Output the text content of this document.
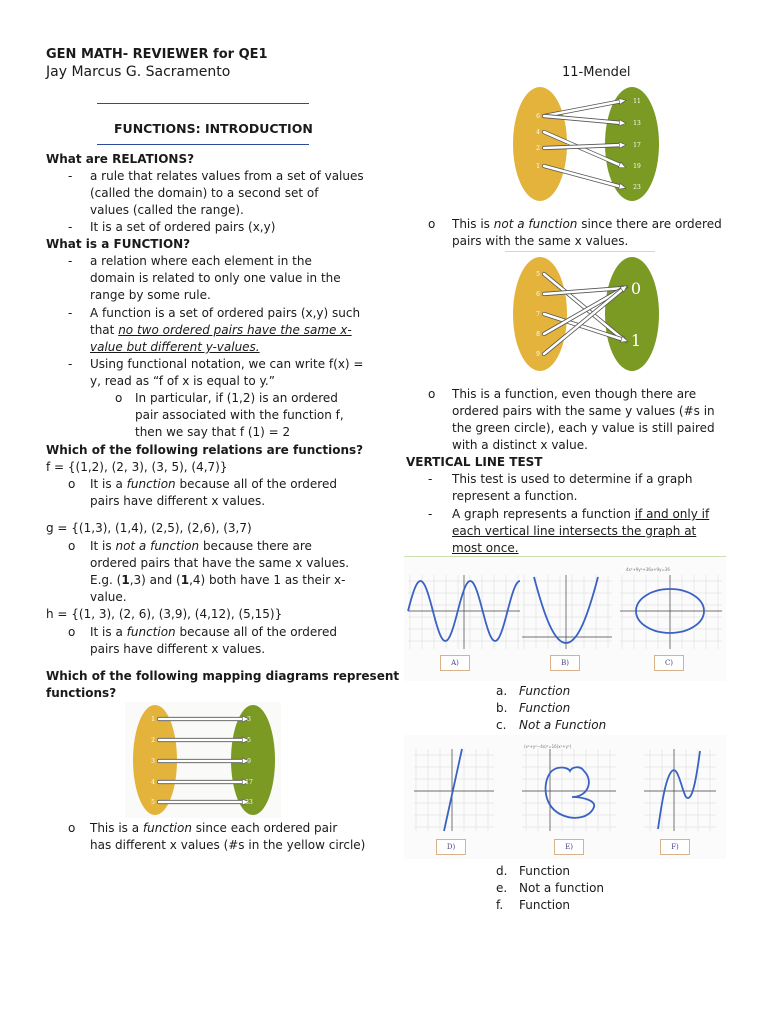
GEN MATH- REVIEWER for QE1
Jay Marcus G. Sacramento	11-Mendel
FUNCTIONS: INTRODUCTION
What are RELATIONS?
- a rule that relates values from a set of values
(called the domain) to a second set of
values (called the range).
- It is a set of ordered pairs (x,y)
What is a FUNCTION?
- a relation where each element in the
domain is related to only one value in the
range by some rule.
- A function is a set of ordered pairs (x,y) such
that no two ordered pairs have the same x-
value but different y-values.
- Using functional notation, we can write f(x) =
y, read as “f of x is equal to y.”
o In particular, if (1,2) is an ordered
pair associated with the function f,
then we say that f (1) = 2
Which of the following relations are functions?
f = {(1,2), (2, 3), (3, 5), (4,7)}
o It is a function because all of the ordered
pairs have different x values.
g = {(1,3), (1,4), (2,5), (2,6), (3,7)
o It is not a function because there are
ordered pairs that have the same x values.
E.g. (1,3) and (1,4) both have 1 as their x-
value.
h = {(1, 3), (2, 6), (3,9), (4,12), (5,15)}
o It is a function because all of the ordered
pairs have different x values.
Which of the following mapping diagrams represent
functions?
1
2
3
4
5
3
5
9
17
33
o This is a function since each ordered pair
has different x values (#s in the yellow circle)
6
4
2
1
11
13
17
19
23
o This is not a function since there are ordered
pairs with the same x values.
5
6
7
8
9
0
1
o This is a function, even though there are
ordered pairs with the same y values (#s in
the green circle), each y value is still paired
with a distinct x value.
VERTICAL LINE TEST
- This test is used to determine if a graph
represent a function.
- A graph represents a function if and only if
each vertical line intersects the graph at
most once.
4x²+9y²+36x+9y=36
A)	B)	C)
a. Function
b. Function
c. Not a Function
(x²+y²−4x)²=16(x²+y²)
D)	E)	F)
d. Function
e. Not a function
f. Function
